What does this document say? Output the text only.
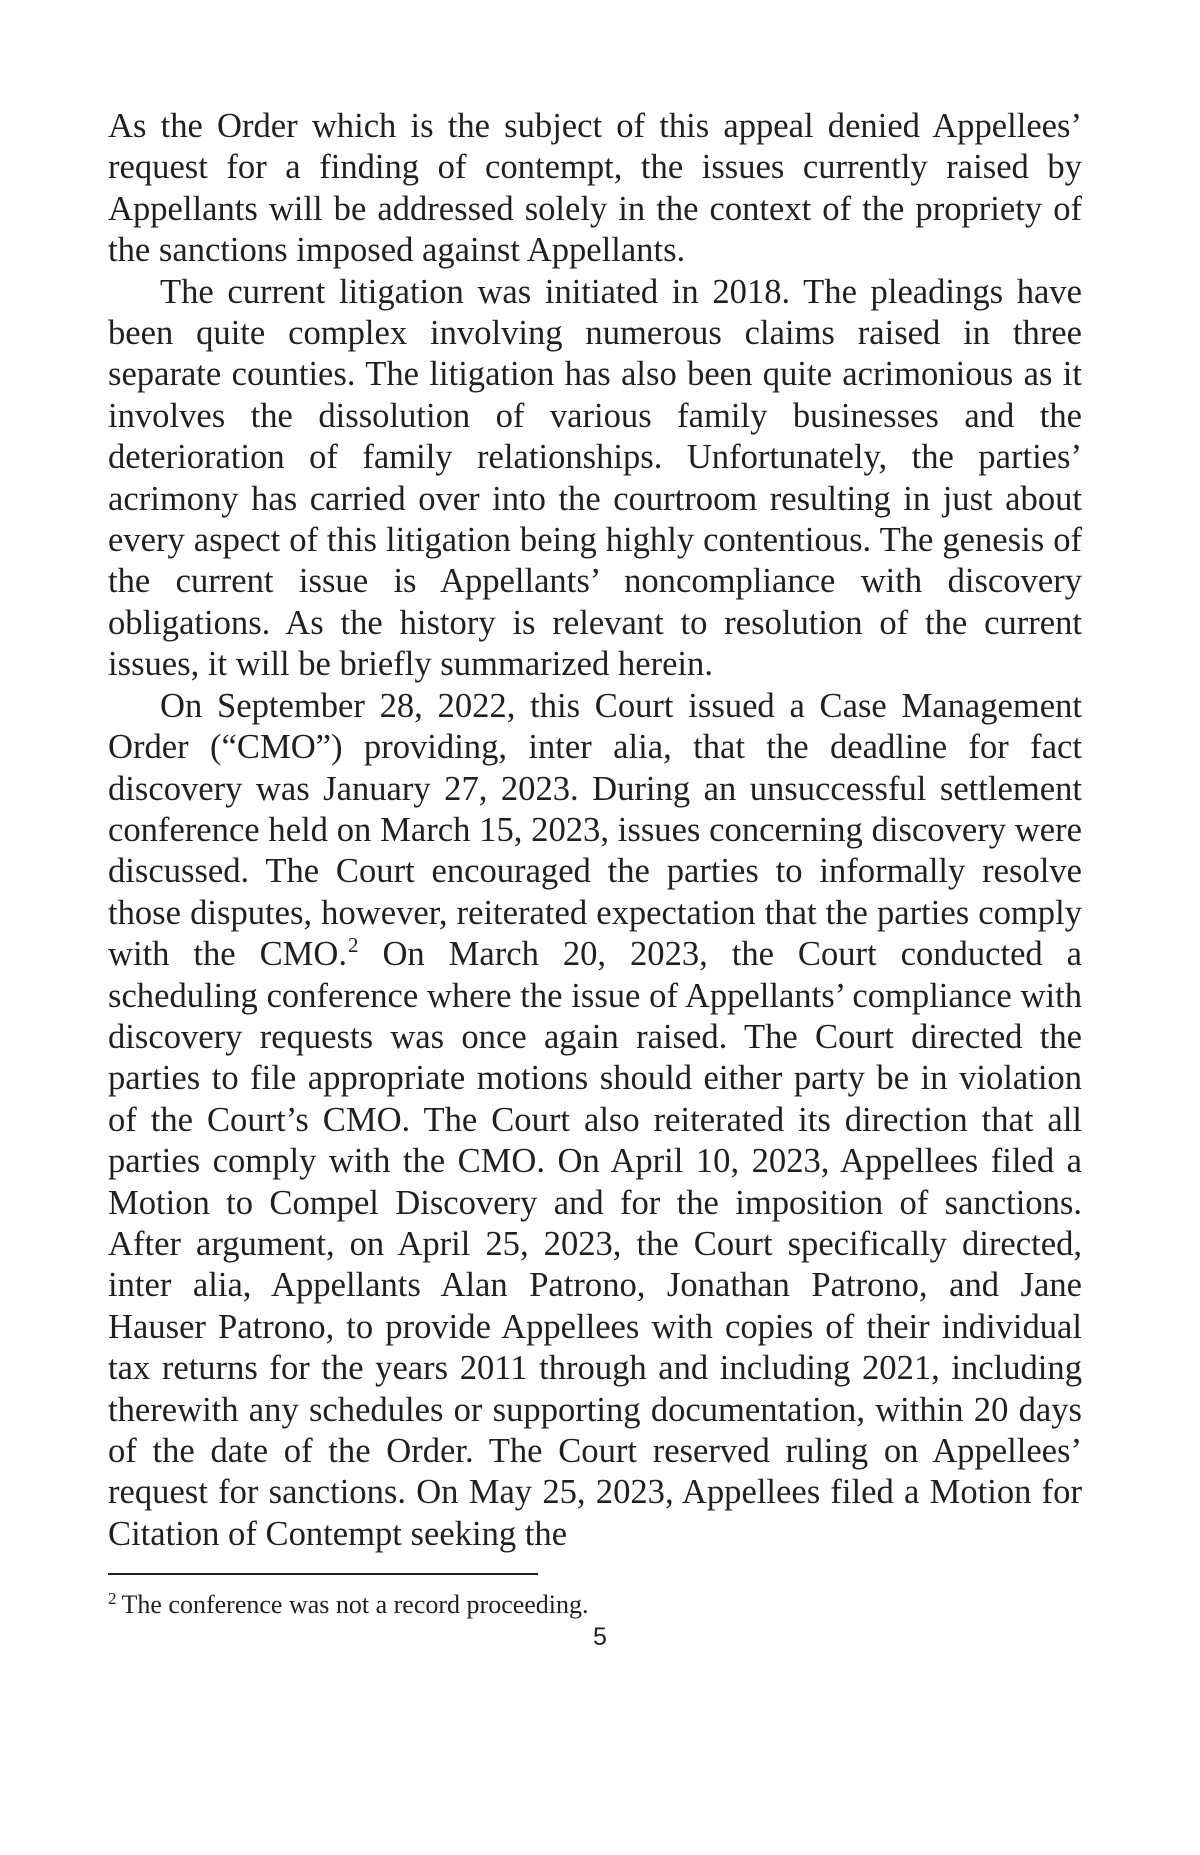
As the Order which is the subject of this appeal denied Appellees’ request for a finding of contempt, the issues currently raised by Appellants will be addressed solely in the context of the propriety of the sanctions imposed against Appellants.

The current litigation was initiated in 2018. The pleadings have been quite complex involving numerous claims raised in three separate counties. The litigation has also been quite acrimonious as it involves the dissolution of various family businesses and the deterioration of family relationships. Unfortunately, the parties’ acrimony has carried over into the courtroom resulting in just about every aspect of this litigation being highly contentious. The genesis of the current issue is Appellants’ noncompliance with discovery obligations. As the history is relevant to resolution of the current issues, it will be briefly summarized herein.

On September 28, 2022, this Court issued a Case Management Order (“CMO”) providing, inter alia, that the deadline for fact discovery was January 27, 2023. During an unsuccessful settlement conference held on March 15, 2023, issues concerning discovery were discussed. The Court encouraged the parties to informally resolve those disputes, however, reiterated expectation that the parties comply with the CMO.$^2$ On March 20, 2023, the Court conducted a scheduling conference where the issue of Appellants’ compliance with discovery requests was once again raised. The Court directed the parties to file appropriate motions should either party be in violation of the Court’s CMO. The Court also reiterated its direction that all parties comply with the CMO. On April 10, 2023, Appellees filed a Motion to Compel Discovery and for the imposition of sanctions. After argument, on April 25, 2023, the Court specifically directed, inter alia, Appellants Alan Patrono, Jonathan Patrono, and Jane Hauser Patrono, to provide Appellees with copies of their individual tax returns for the years 2011 through and including 2021, including therewith any schedules or supporting documentation, within 20 days of the date of the Order. The Court reserved ruling on Appellees’ request for sanctions. On May 25, 2023, Appellees filed a Motion for Citation of Contempt seeking the

$^2$ The conference was not a record proceeding.

5
